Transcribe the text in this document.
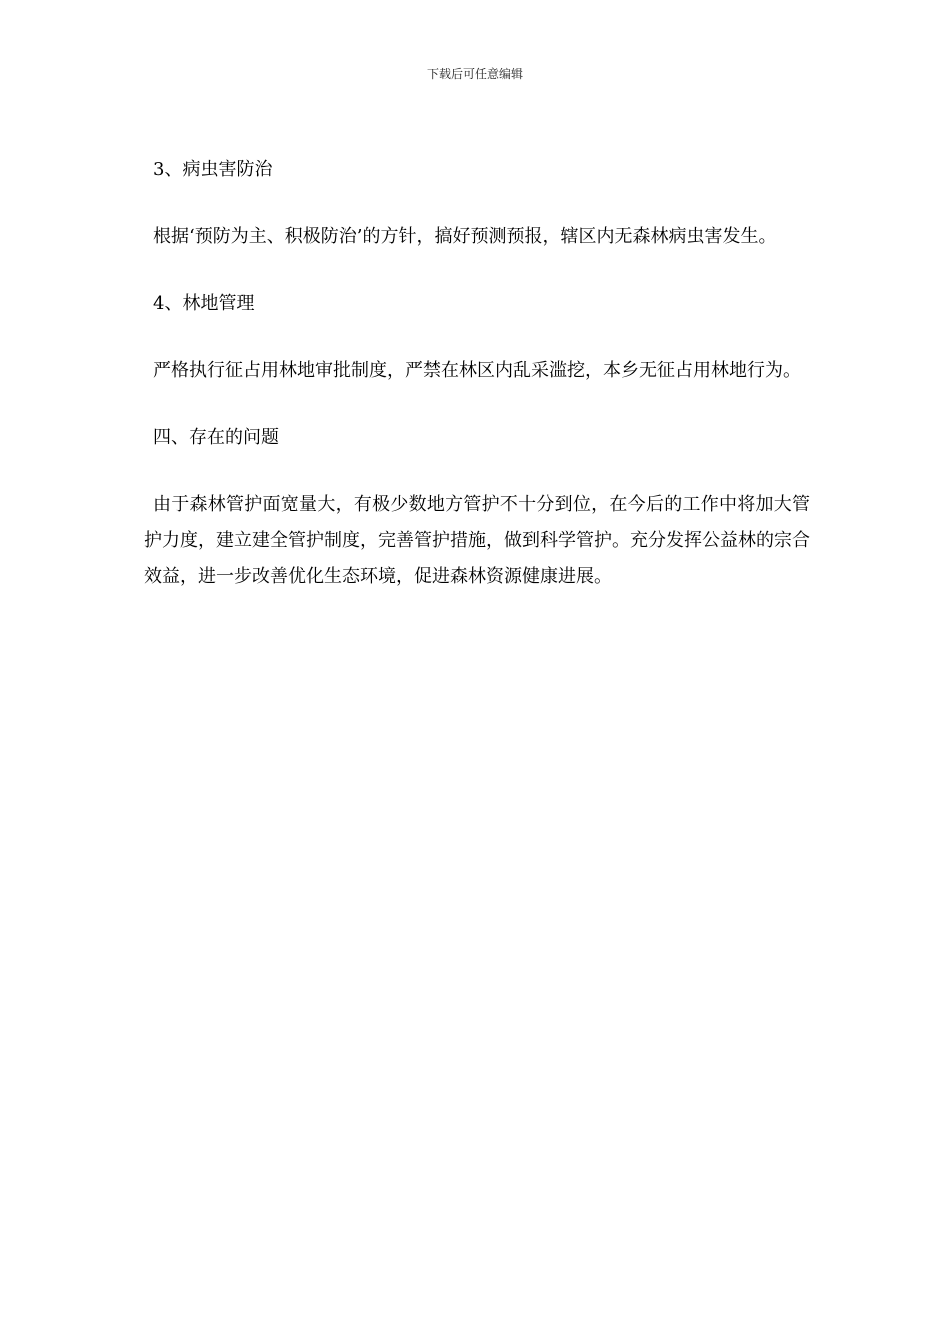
下载后可任意编辑

3、病虫害防治

根据‘预防为主、积极防治’的方针，搞好预测预报，辖区内无森林病虫害发生。

4、林地管理

严格执行征占用林地审批制度，严禁在林区内乱采滥挖，本乡无征占用林地行为。

四、存在的问题

由于森林管护面宽量大，有极少数地方管护不十分到位，在今后的工作中将加大管护力度，建立建全管护制度，完善管护措施，做到科学管护。充分发挥公益林的宗合效益，进一步改善优化生态环境，促进森林资源健康进展。
